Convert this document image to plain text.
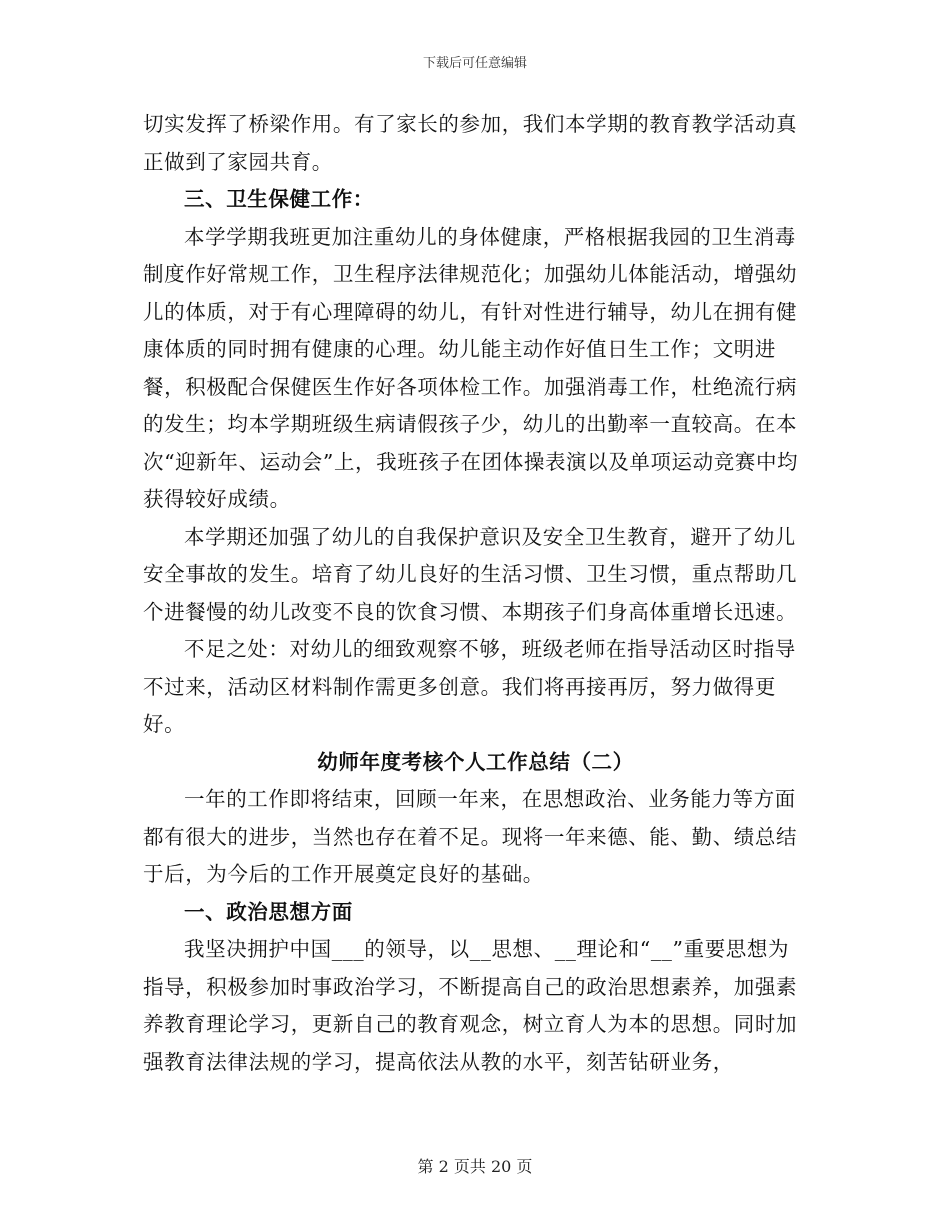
下载后可任意编辑

切实发挥了桥梁作用。有了家长的参加，我们本学期的教育教学活动真正做到了家园共育。

三、卫生保健工作：

本学学期我班更加注重幼儿的身体健康，严格根据我园的卫生消毒制度作好常规工作，卫生程序法律规范化；加强幼儿体能活动，增强幼儿的体质，对于有心理障碍的幼儿，有针对性进行辅导，幼儿在拥有健康体质的同时拥有健康的心理。幼儿能主动作好值日生工作；文明进餐，积极配合保健医生作好各项体检工作。加强消毒工作，杜绝流行病的发生；均本学期班级生病请假孩子少，幼儿的出勤率一直较高。在本次“迎新年、运动会”上，我班孩子在团体操表演以及单项运动竞赛中均获得较好成绩。

本学期还加强了幼儿的自我保护意识及安全卫生教育，避开了幼儿安全事故的发生。培育了幼儿良好的生活习惯、卫生习惯，重点帮助几个进餐慢的幼儿改变不良的饮食习惯、本期孩子们身高体重增长迅速。

不足之处：对幼儿的细致观察不够，班级老师在指导活动区时指导不过来，活动区材料制作需更多创意。我们将再接再厉，努力做得更好。

幼师年度考核个人工作总结（二）

一年的工作即将结束，回顾一年来，在思想政治、业务能力等方面都有很大的进步，当然也存在着不足。现将一年来德、能、勤、绩总结于后，为今后的工作开展奠定良好的基础。

一、政治思想方面

我坚决拥护中国___的领导，以__思想、__理论和“__”重要思想为指导，积极参加时事政治学习，不断提高自己的政治思想素养，加强素养教育理论学习，更新自己的教育观念，树立育人为本的思想。同时加强教育法律法规的学习，提高依法从教的水平，刻苦钻研业务，

第 2 页共 20 页
